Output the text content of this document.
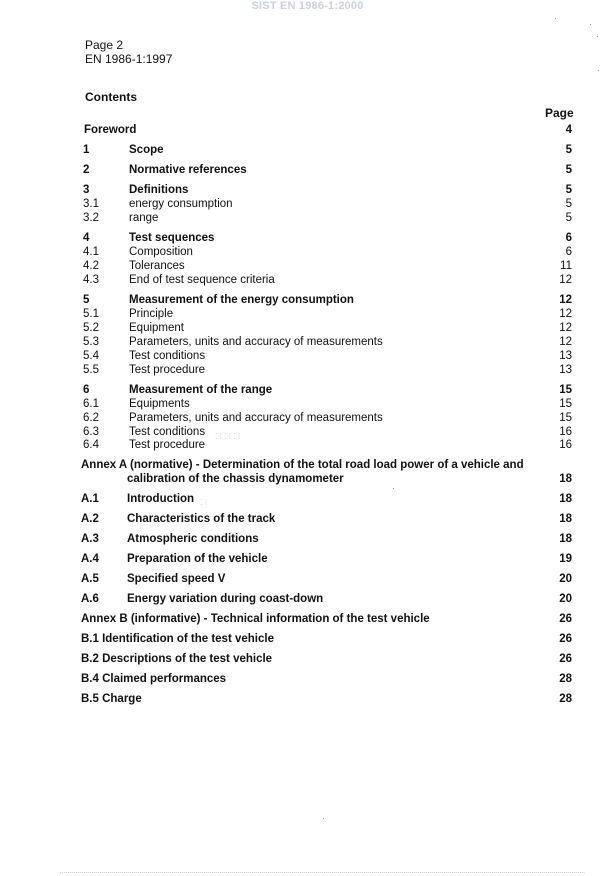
SIST EN 1986-1:2000
Page 2
EN 1986-1:1997
Contents
Page
Foreword	4
1	Scope	5
2	Normative references	5
3	Definitions	5
3.1	energy consumption	5
3.2	range	5
4	Test sequences	6
4.1	Composition	6
4.2	Tolerances	11
4.3	End of test sequence criteria	12
5	Measurement of the energy consumption	12
5.1	Principle	12
5.2	Equipment	12
5.3	Parameters, units and accuracy of measurements	12
5.4	Test conditions	13
5.5	Test procedure	13
6	Measurement of the range	15
6.1	Equipments	15
6.2	Parameters, units and accuracy of measurements	15
6.3	Test conditions	16
6.4	Test procedure	16
Annex A (normative) - Determination of the total road load power of a vehicle and
calibration of the chassis dynamometer	18
A.1 Introduction	18
A.2 Characteristics of the track	18
A.3 Atmospheric conditions	18
A.4 Preparation of the vehicle	19
A.5 Specified speed V	20
A.6 Energy variation during coast-down	20
Annex B (informative) - Technical information of the test vehicle	26
B.1 Identification of the test vehicle	26
B.2 Descriptions of the test vehicle	26
B.4 Claimed performances	28
B.5 Charge	28
⁚⁝⁚⁝⁚⁝
⁚⁝
